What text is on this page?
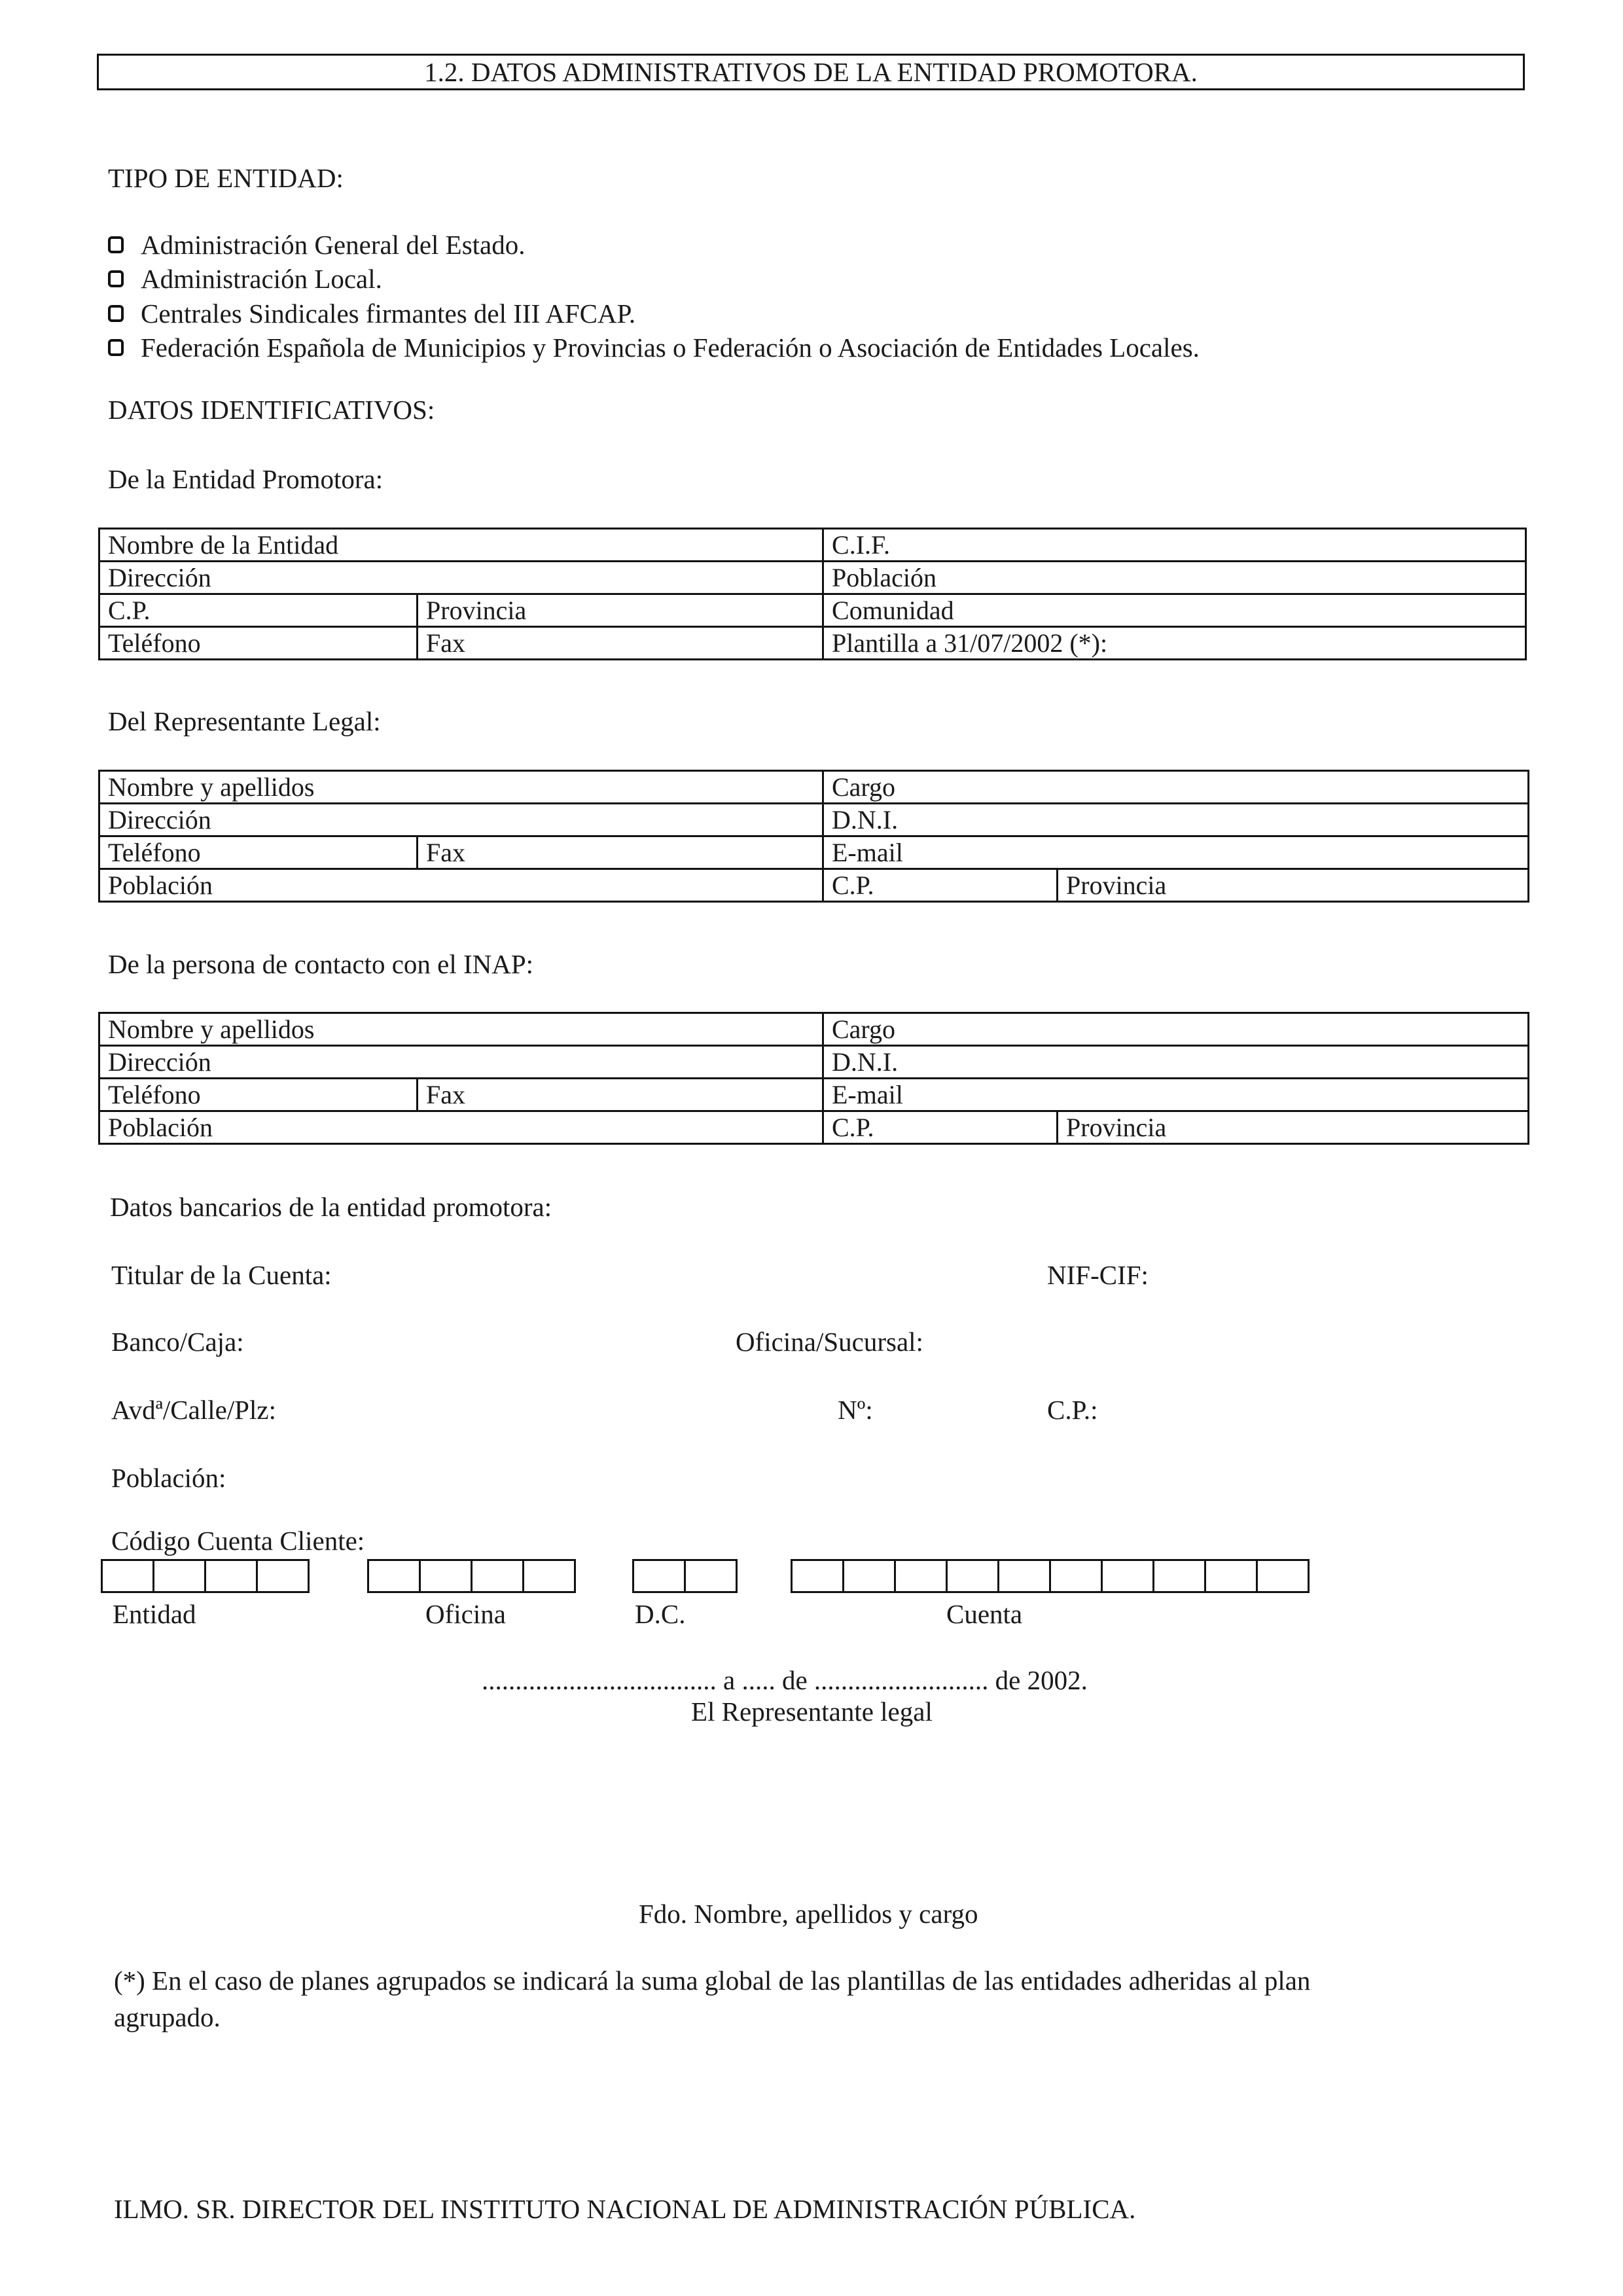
1.2. DATOS ADMINISTRATIVOS DE LA ENTIDAD PROMOTORA.
TIPO DE ENTIDAD:
Administración General del Estado.
Administración Local.
Centrales Sindicales firmantes del III AFCAP.
Federación Española de Municipios y Provincias o Federación o Asociación de Entidades Locales.
DATOS IDENTIFICATIVOS:
De la Entidad Promotora:
Nombre de la Entidad		C.I.F.
Dirección		Población
C.P.	Provincia	Comunidad
Teléfono	Fax	Plantilla a 31/07/2002 (*):
Del Representante Legal:
Nombre y apellidos		Cargo	
Dirección		D.N.I.	
Teléfono	Fax	E-mail	
Población		C.P.	Provincia
De la persona de contacto con el INAP:
Nombre y apellidos		Cargo	
Dirección		D.N.I.	
Teléfono	Fax	E-mail	
Población		C.P.	Provincia
Datos bancarios de la entidad promotora:
Titular de la Cuenta:	NIF-CIF:
Banco/Caja:	Oficina/Sucursal:
Avdª/Calle/Plz:	Nº:	C.P.:
Población:
Código Cuenta Cliente:
Entidad	Oficina	D.C.	Cuenta
................................... a ..... de .......................... de 2002.
El Representante legal
Fdo. Nombre, apellidos y cargo
(*) En el caso de planes agrupados se indicará la suma global de las plantillas de las entidades adheridas al plan
agrupado.
ILMO. SR. DIRECTOR DEL INSTITUTO NACIONAL DE ADMINISTRACIÓN PÚBLICA.
